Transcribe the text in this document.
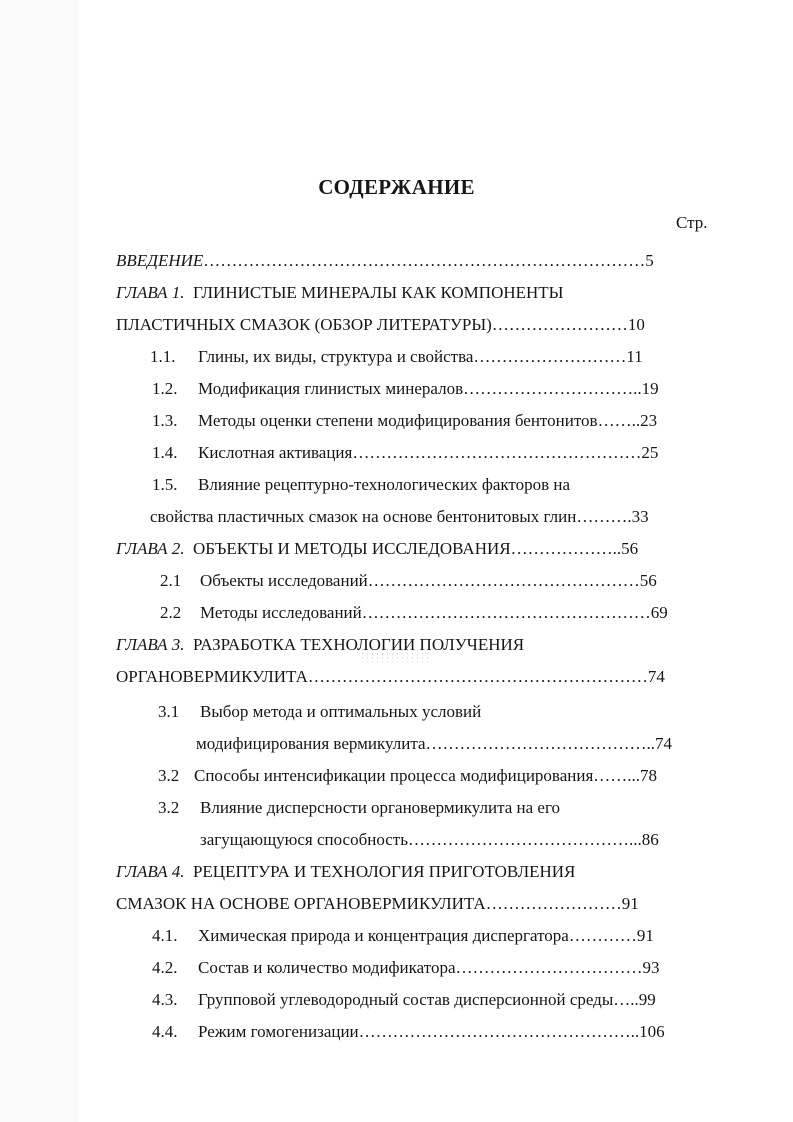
СОДЕРЖАНИЕ
Стр.
ВВЕДЕНИЕ……………………………………………………………………5
ГЛАВА 1. ГЛИНИСТЫЕ МИНЕРАЛЫ КАК КОМПОНЕНТЫ
ПЛАСТИЧНЫХ СМАЗОК (ОБЗОР ЛИТЕРАТУРЫ)……………………10
1.1. Глины, их виды, структура и свойства………………………11
1.2. Модификация глинистых минералов…………………………..19
1.3. Методы оценки степени модифицирования бентонитов……..23
1.4. Кислотная активация……………………………………………25
1.5. Влияние рецептурно-технологических факторов на
свойства пластичных смазок на основе бентонитовых глин……….33
ГЛАВА 2. ОБЪЕКТЫ И МЕТОДЫ ИССЛЕДОВАНИЯ………………..56
2.1 Объекты исследований…………………………………………56
2.2 Методы исследований……………………………………………69
ГЛАВА 3. РАЗРАБОТКА ТЕХНОЛОГИИ ПОЛУЧЕНИЯ
ОРГАНОВЕРМИКУЛИТА……………………………………………………74
3.1 Выбор метода и оптимальных условий
модифицирования вермикулита…………………………………..74
3.2 Способы интенсификации процесса модифицирования……...78
3.2 Влияние дисперсности органовермикулита на его
загущающуюся способность…………………………………...86
ГЛАВА 4. РЕЦЕПТУРА И ТЕХНОЛОГИЯ ПРИГОТОВЛЕНИЯ
СМАЗОК НА ОСНОВЕ ОРГАНОВЕРМИКУЛИТА……………………91
4.1. Химическая природа и концентрация диспергатора…………91
4.2. Состав и количество модификатора……………………………93
4.3. Групповой углеводородный состав дисперсионной среды…..99
4.4. Режим гомогенизации…………………………………………..106
